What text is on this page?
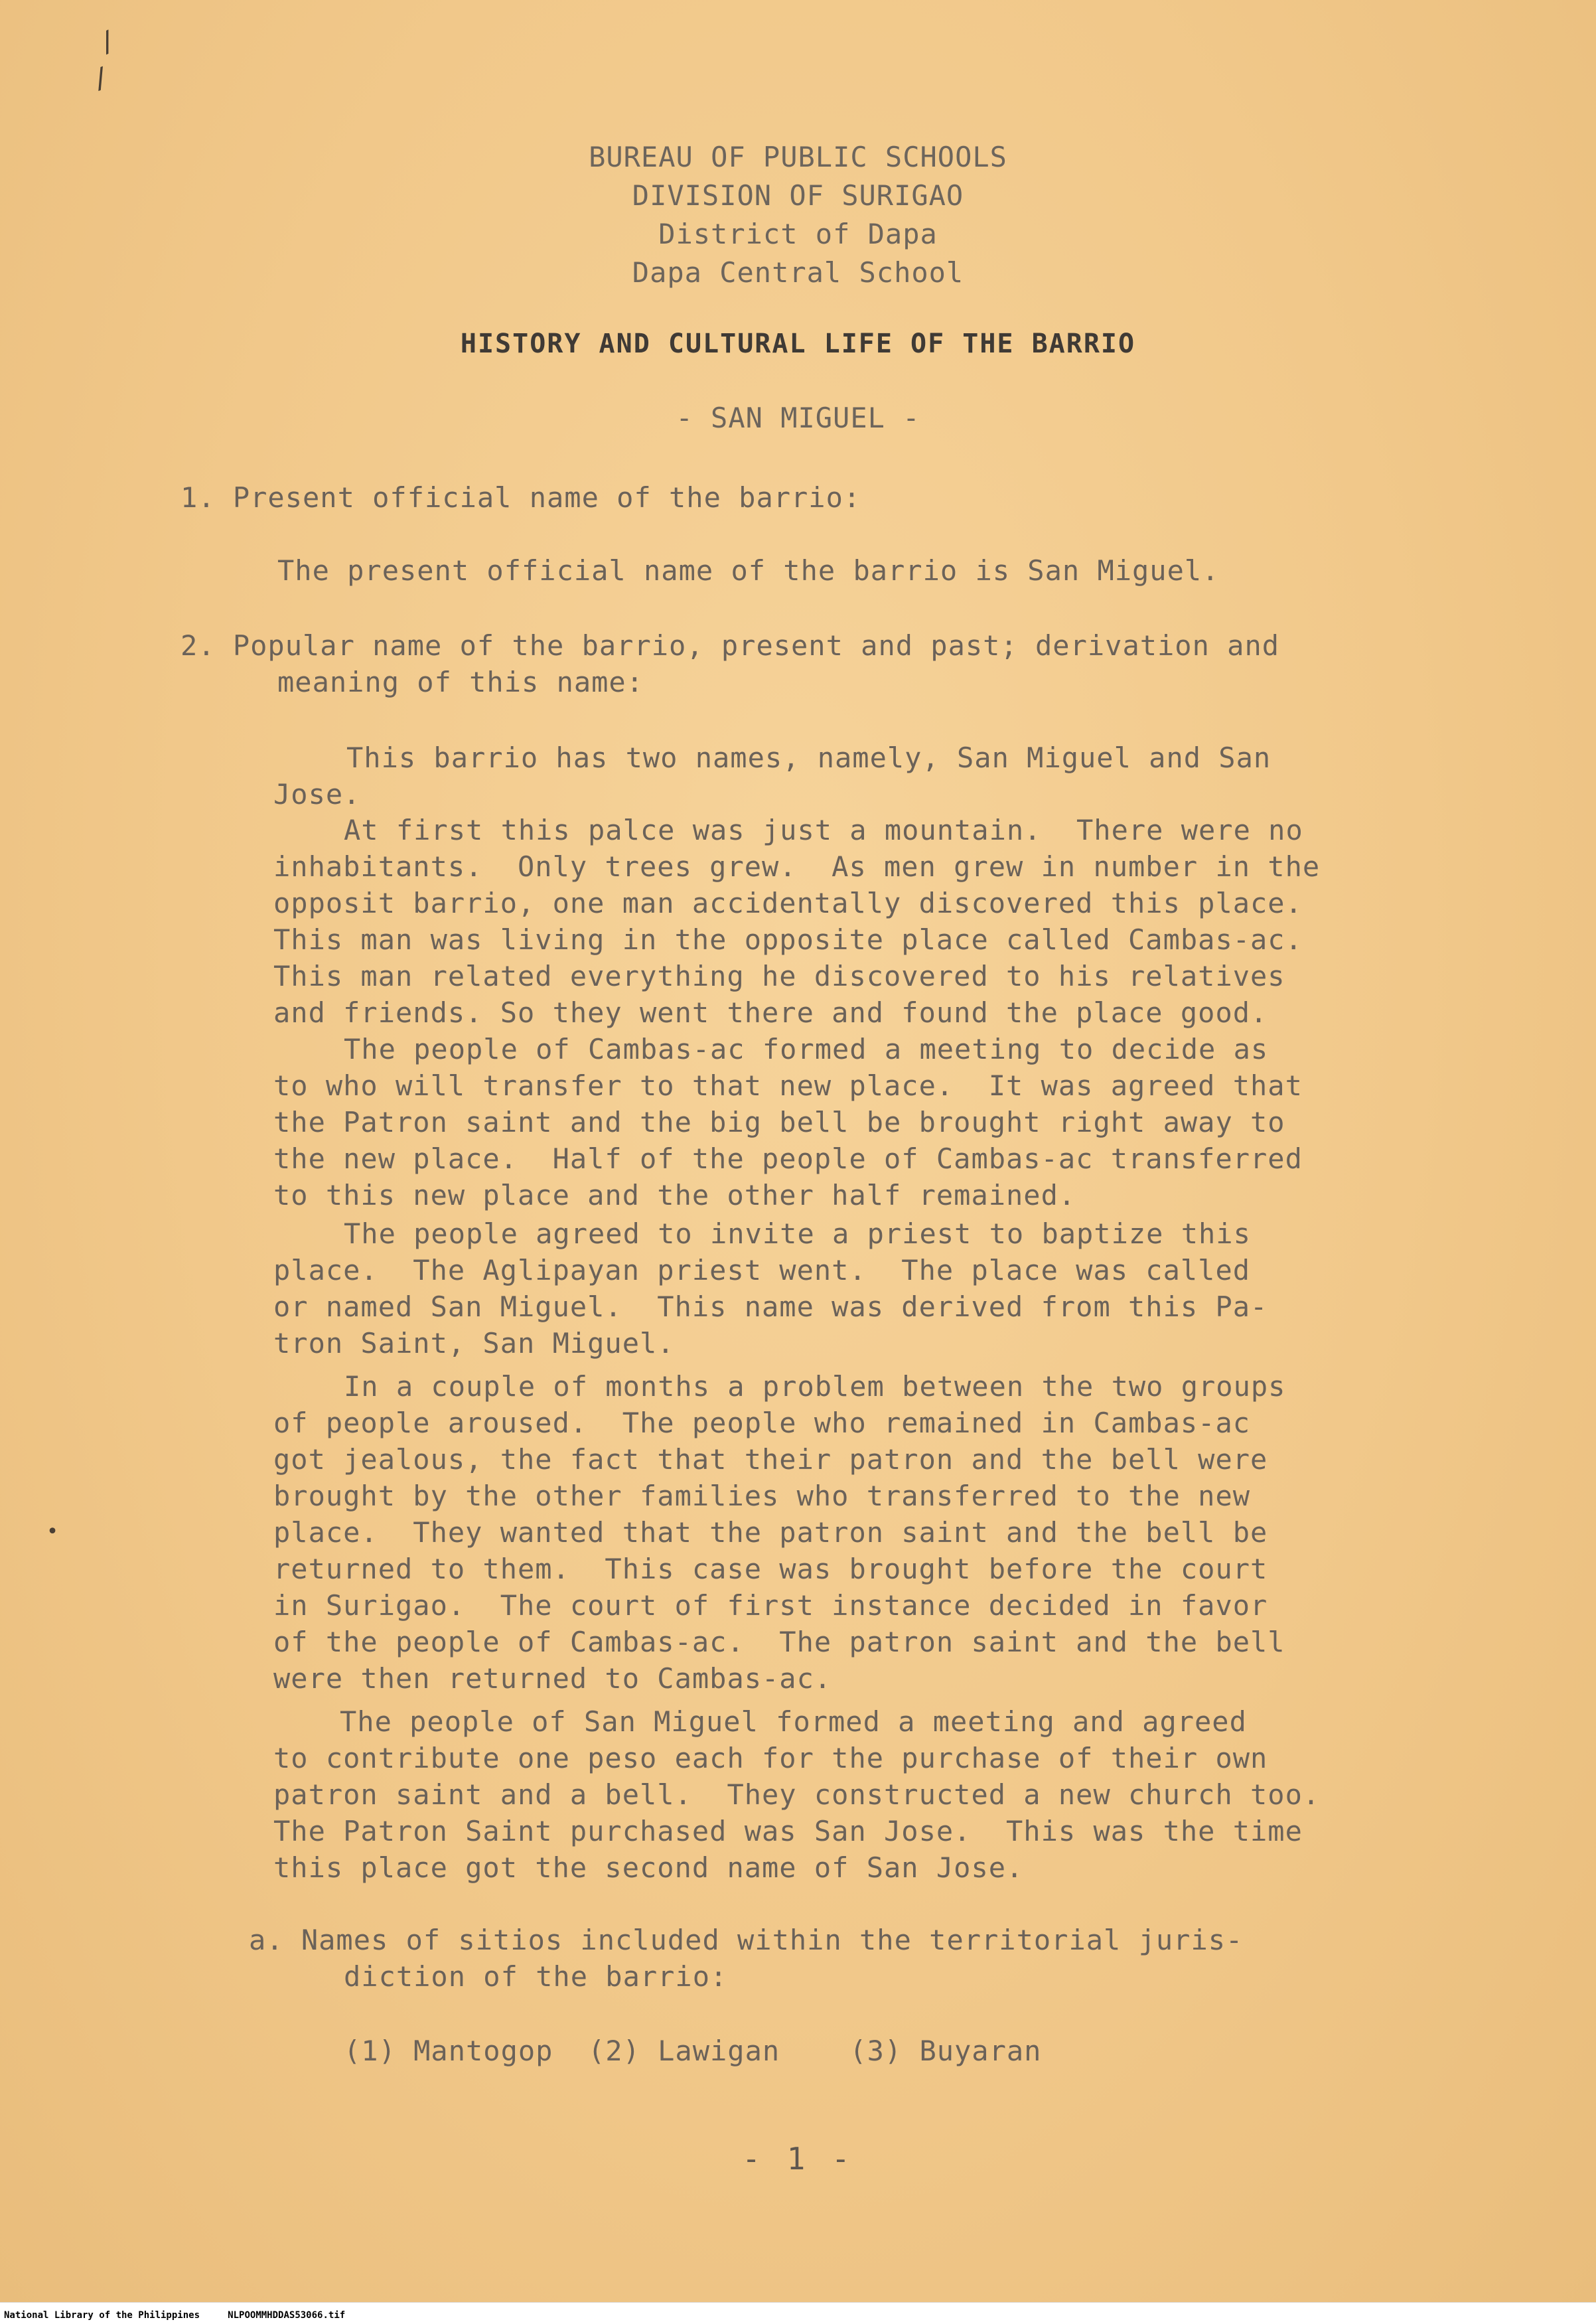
BUREAU OF PUBLIC SCHOOLS
DIVISION OF SURIGAO
District of Dapa
Dapa Central School
HISTORY AND CULTURAL LIFE OF THE BARRIO
- SAN MIGUEL -
1. Present official name of the barrio:
The present official name of the barrio is San Miguel.
2. Popular name of the barrio, present and past; derivation and
meaning of this name:
This barrio has two names, namely, San Miguel and San
Jose.
At first this palce was just a mountain.  There were no
inhabitants.  Only trees grew.  As men grew in number in the
opposit barrio, one man accidentally discovered this place.
This man was living in the opposite place called Cambas-ac.
This man related everything he discovered to his relatives
and friends. So they went there and found the place good.
The people of Cambas-ac formed a meeting to decide as
to who will transfer to that new place.  It was agreed that
the Patron saint and the big bell be brought right away to
the new place.  Half of the people of Cambas-ac transferred
to this new place and the other half remained.
The people agreed to invite a priest to baptize this
place.  The Aglipayan priest went.  The place was called
or named San Miguel.  This name was derived from this Pa-
tron Saint, San Miguel.
In a couple of months a problem between the two groups
of people aroused.  The people who remained in Cambas-ac
got jealous, the fact that their patron and the bell were
brought by the other families who transferred to the new
place.  They wanted that the patron saint and the bell be
returned to them.  This case was brought before the court
in Surigao.  The court of first instance decided in favor
of the people of Cambas-ac.  The patron saint and the bell
were then returned to Cambas-ac.
The people of San Miguel formed a meeting and agreed
to contribute one peso each for the purchase of their own
patron saint and a bell.  They constructed a new church too.
The Patron Saint purchased was San Jose.  This was the time
this place got the second name of San Jose.
a. Names of sitios included within the territorial juris-
diction of the barrio:
(1) Mantogop  (2) Lawigan    (3) Buyaran
- 1 -
/
/
•
National Library of the Philippines	NLPOOMMHDDAS53066.tif
